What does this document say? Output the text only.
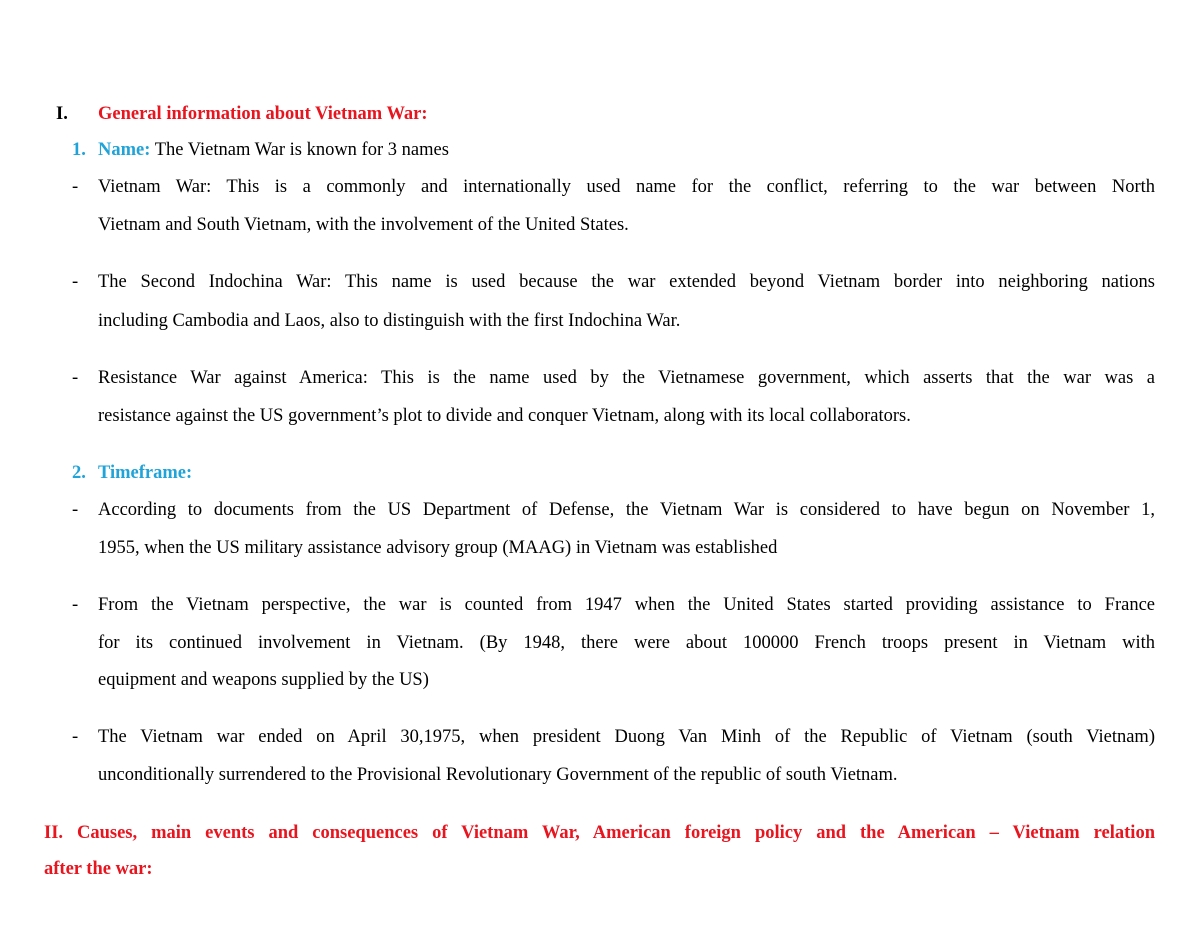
I. General information about Vietnam War:
1. Name: The Vietnam War is known for 3 names
- Vietnam War: This is a commonly and internationally used name for the conflict, referring to the war between North
Vietnam and South Vietnam, with the involvement of the United States.
- The Second Indochina War: This name is used because the war extended beyond Vietnam border into neighboring nations
including Cambodia and Laos, also to distinguish with the first Indochina War.
- Resistance War against America: This is the name used by the Vietnamese government, which asserts that the war was a
resistance against the US government’s plot to divide and conquer Vietnam, along with its local collaborators.
2. Timeframe:
- According to documents from the US Department of Defense, the Vietnam War is considered to have begun on November 1,
1955, when the US military assistance advisory group (MAAG) in Vietnam was established
- From the Vietnam perspective, the war is counted from 1947 when the United States started providing assistance to France
for its continued involvement in Vietnam. (By 1948, there were about 100000 French troops present in Vietnam with
equipment and weapons supplied by the US)
- The Vietnam war ended on April 30,1975, when president Duong Van Minh of the Republic of Vietnam (south Vietnam)
unconditionally surrendered to the Provisional Revolutionary Government of the republic of south Vietnam.
II. Causes, main events and consequences of Vietnam War, American foreign policy and the American – Vietnam relation
after the war:
